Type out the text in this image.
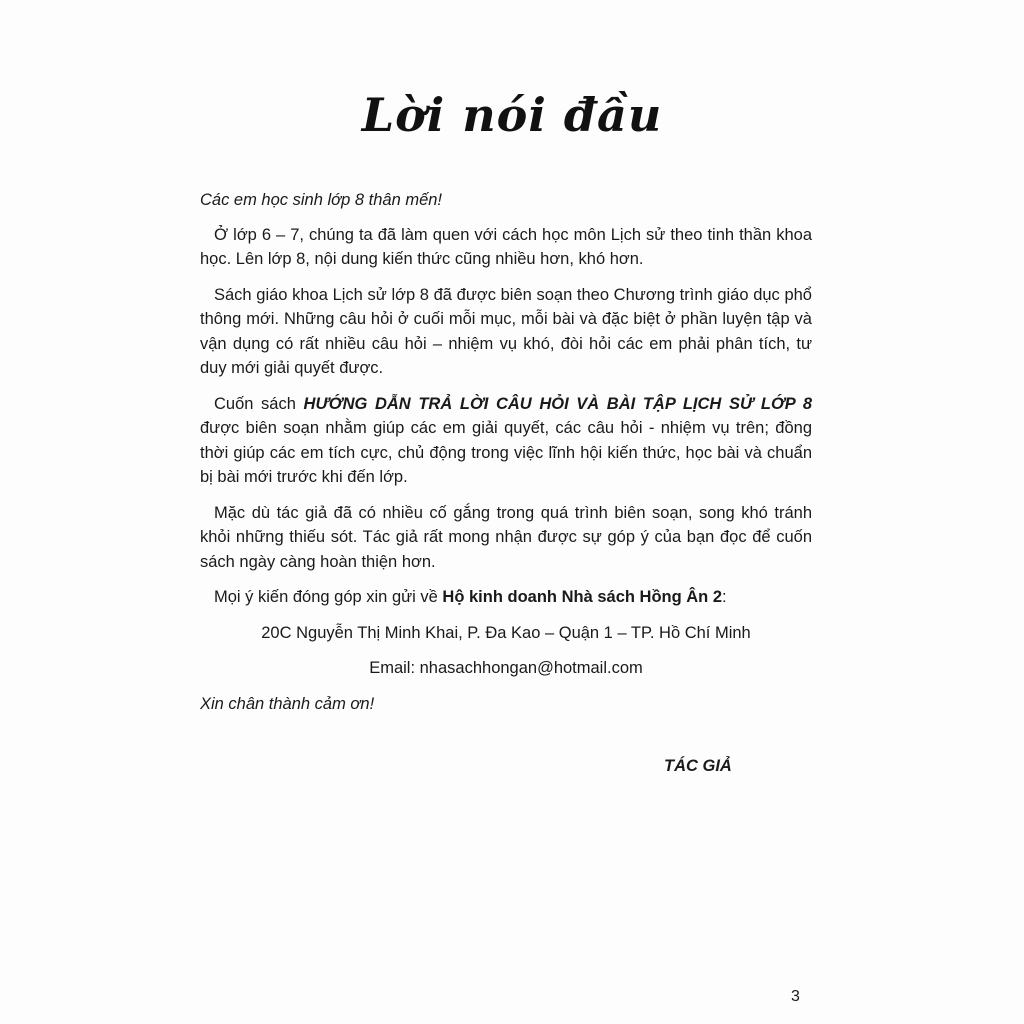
Lời nói đầu

Các em học sinh lớp 8 thân mến!

Ở lớp 6 – 7, chúng ta đã làm quen với cách học môn Lịch sử theo tinh thần khoa học. Lên lớp 8, nội dung kiến thức cũng nhiều hơn, khó hơn.

Sách giáo khoa Lịch sử lớp 8 đã được biên soạn theo Chương trình giáo dục phổ thông mới. Những câu hỏi ở cuối mỗi mục, mỗi bài và đặc biệt ở phần luyện tập và vận dụng có rất nhiều câu hỏi – nhiệm vụ khó, đòi hỏi các em phải phân tích, tư duy mới giải quyết được.

Cuốn sách HƯỚNG DẪN TRẢ LỜI CÂU HỎI VÀ BÀI TẬP LỊCH SỬ LỚP 8 được biên soạn nhằm giúp các em giải quyết, các câu hỏi - nhiệm vụ trên; đồng thời giúp các em tích cực, chủ động trong việc lĩnh hội kiến thức, học bài và chuẩn bị bài mới trước khi đến lớp.

Mặc dù tác giả đã có nhiều cố gắng trong quá trình biên soạn, song khó tránh khỏi những thiếu sót. Tác giả rất mong nhận được sự góp ý của bạn đọc để cuốn sách ngày càng hoàn thiện hơn.

Mọi ý kiến đóng góp xin gửi về Hộ kinh doanh Nhà sách Hồng Ân 2:

20C Nguyễn Thị Minh Khai, P. Đa Kao – Quận 1 – TP. Hồ Chí Minh

Email: nhasachhongan@hotmail.com

Xin chân thành cảm ơn!

TÁC GIẢ
3
